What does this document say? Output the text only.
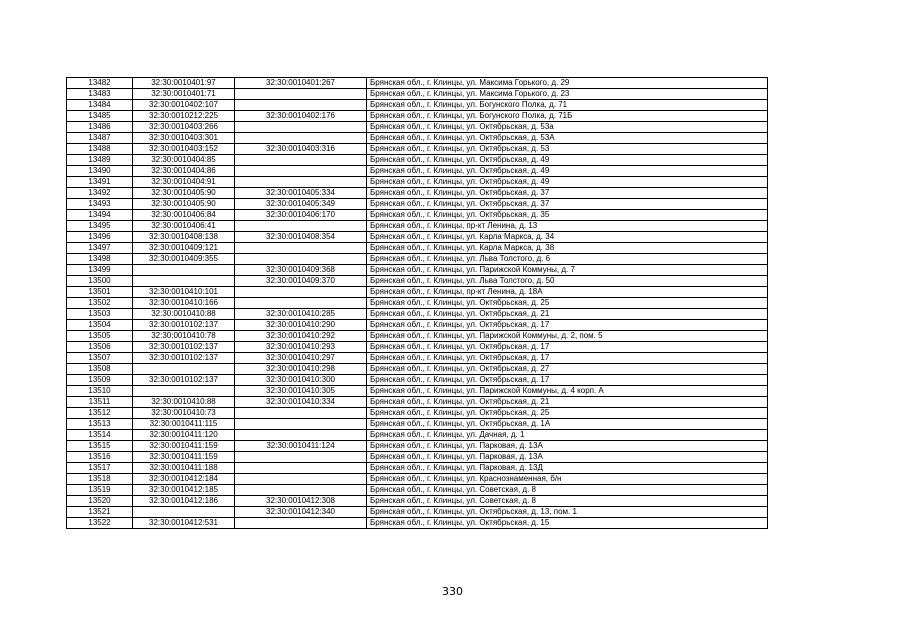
13482	32:30:0010401:97	32:30:0010401:267	Брянская обл., г. Клинцы, ул. Максима Горького, д. 29
13483	32:30:0010401:71		Брянская обл., г. Клинцы, ул. Максима Горького, д. 23
13484	32:30:0010402:107		Брянская обл., г. Клинцы, ул. Богунского Полка, д. 71
13485	32:30:0010212:225	32:30:0010402:176	Брянская обл., г. Клинцы, ул. Богунского Полка, д. 71Б
13486	32:30:0010403:266		Брянская обл., г. Клинцы, ул. Октябрьская, д. 53а
13487	32:30:0010403:301		Брянская обл., г. Клинцы, ул. Октябрьская, д. 53А
13488	32:30:0010403:152	32:30:0010403:316	Брянская обл., г. Клинцы, ул. Октябрьская, д. 53
13489	32:30:0010404:85		Брянская обл., г. Клинцы, ул. Октябрьская, д. 49
13490	32:30:0010404:86		Брянская обл., г. Клинцы, ул. Октябрьская, д. 49
13491	32:30:0010404:91		Брянская обл., г. Клинцы, ул. Октябрьская, д. 49
13492	32:30:0010405:90	32:30:0010405:334	Брянская обл., г. Клинцы, ул. Октябрьская, д. 37
13493	32:30:0010405:90	32:30:0010405:349	Брянская обл., г. Клинцы, ул. Октябрьская, д. 37
13494	32:30:0010406:84	32:30:0010406:170	Брянская обл., г. Клинцы, ул. Октябрьская, д. 35
13495	32:30:0010406:41		Брянская обл., г. Клинцы, пр-кт Ленина, д. 13
13496	32:30:0010408:138	32:30:0010408:354	Брянская обл., г. Клинцы, ул. Карла Маркса, д. 34
13497	32:30:0010409:121		Брянская обл., г. Клинцы, ул. Карла Маркса, д. 38
13498	32:30:0010409:355		Брянская обл., г. Клинцы, ул. Льва Толстого, д. 6
13499		32:30:0010409:368	Брянская обл., г. Клинцы, ул. Парижской Коммуны, д. 7
13500		32:30:0010409:370	Брянская обл., г. Клинцы, ул. Льва Толстого, д. 50
13501	32:30:0010410:101		Брянская обл., г. Клинцы, пр-кт Ленина, д. 18А
13502	32:30:0010410:166		Брянская обл., г. Клинцы, ул. Октябрьская, д. 25
13503	32:30:0010410:88	32:30:0010410:285	Брянская обл., г. Клинцы, ул. Октябрьская, д. 21
13504	32:30:0010102:137	32:30:0010410:290	Брянская обл., г. Клинцы, ул. Октябрьская, д. 17
13505	32:30:0010410:78	32:30:0010410:292	Брянская обл., г. Клинцы, ул. Парижской Коммуны, д. 2, пом. 5
13506	32:30:0010102:137	32:30:0010410:293	Брянская обл., г. Клинцы, ул. Октябрьская, д. 17
13507	32:30:0010102:137	32:30:0010410:297	Брянская обл., г. Клинцы, ул. Октябрьская, д. 17
13508		32:30:0010410:298	Брянская обл., г. Клинцы, ул. Октябрьская, д. 27
13509	32:30:0010102:137	32:30:0010410:300	Брянская обл., г. Клинцы, ул. Октябрьская, д. 17
13510		32:30:0010410:305	Брянская обл., г. Клинцы, ул. Парижской Коммуны, д. 4 корп. А
13511	32:30:0010410:88	32:30:0010410:334	Брянская обл., г. Клинцы, ул. Октябрьская, д. 21
13512	32:30:0010410:73		Брянская обл., г. Клинцы, ул. Октябрьская, д. 25
13513	32:30:0010411:115		Брянская обл., г. Клинцы, ул. Октябрьская, д. 1А
13514	32:30:0010411:120		Брянская обл., г. Клинцы, ул. Дачная, д. 1
13515	32:30:0010411:159	32:30:0010411:124	Брянская обл., г. Клинцы, ул. Парковая, д. 13А
13516	32:30:0010411:159		Брянская обл., г. Клинцы, ул. Парковая, д. 13А
13517	32:30:0010411:188		Брянская обл., г. Клинцы, ул. Парковая, д. 13Д
13518	32:30:0010412:184		Брянская обл., г. Клинцы, ул. Краснознаменная, б/н
13519	32:30:0010412:185		Брянская обл., г. Клинцы, ул. Советская, д. 8
13520	32:30:0010412:186	32:30:0010412:308	Брянская обл., г. Клинцы, ул. Советская, д. 8
13521		32:30:0010412:340	Брянская обл., г. Клинцы, ул. Октябрьская, д. 13, пом. 1
13522	32:30:0010412:531		Брянская обл., г. Клинцы, ул. Октябрьская, д. 15
330
